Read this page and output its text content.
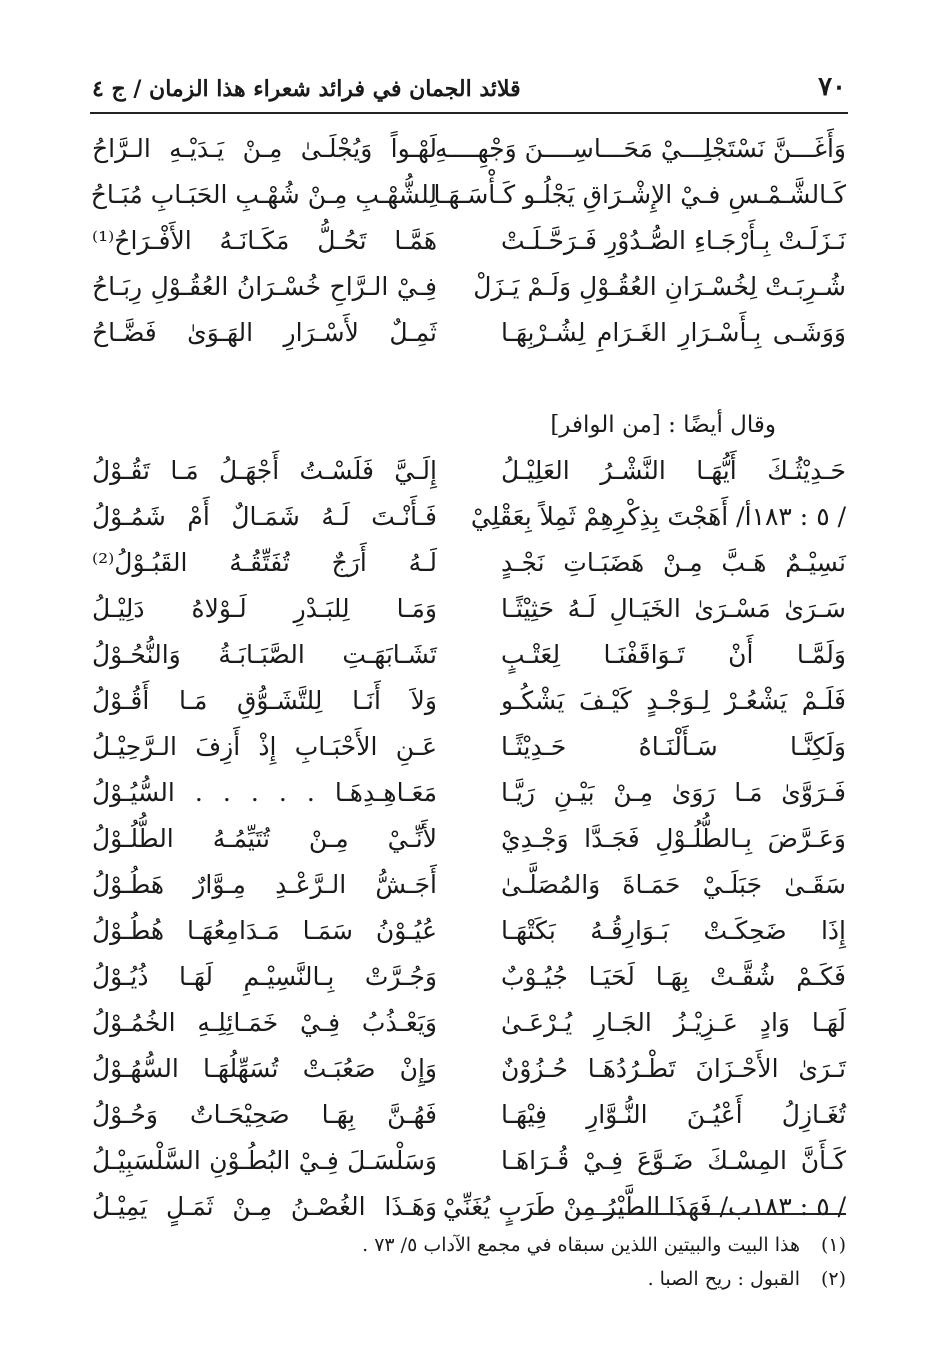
٧٠
قلائد الجمان في فرائد شعراء هذا الزمان / ج ٤
وَأَغَـــنَّ نَسْتَجْلِـــيْ مَحَـــاسِــــنَ وَجْهِــــهِ
كَـالشَّـمْـسِ فـيْ الإِشْـرَاقِ يَجْلُـو كَـأْسَـهَـا
نَـزَلَـتْ بِـأَرْجَـاءِ الصُّـدُوْرِ فَـرَحَّـلَـتْ
شُـرِبَـتْ لِخُسْـرَانِ العُقُـوْلِ وَلَـمْ يَـزَلْ
وَوَشَـى بِـأَسْـرَارِ الغَـرَامِ لِشُـرْبِهَـا
وقال أيضًا : [من الوافر]
حَـدِيْثُـكَ أَيُّهَـا النَّشْـرُ العَلِيْـلُ
/ ٥ : ١٨٣أ/ أَهَجْتَ بِذِكْرِهِمْ ثَمِلاً بِعَقْلِيْ
نَسِيْـمٌ هَـبَّ مِـنْ هَضَبَـاتِ نَجْـدٍ
سَـرَىٰ مَسْـرَىٰ الخَيَـالِ لَـهُ حَثِيْثًـا
وَلَمَّـا أَنْ تَـوَاقَفْنَـا لِعَتْـبٍ
فَلَـمْ يَشْعُـرْ لِـوَجْـدٍ كَيْـفَ يَشْكُـو
وَلَكِنَّـا سَـأَلْنَـاهُ حَـدِيْثًـا
فَـرَوَّىٰ مَـا رَوَىٰ مِـنْ بَيْـنِ رَيَّـا
وَعَـرَّضَ بِـالطُّلُـوْلِ فَجَـدَّا وَجْـدِيْ
سَقَـىٰ جَبَلَـيْ حَمَـاةَ وَالمُصَلَّـىٰ
إِذَا ضَحِكَـتْ بَـوَارِقُـهُ بَكَتْهَـا
فَكَـمْ شُقَّـتْ بِهَـا لَحَيَـا جُيُـوْبٌ
لَهَـا وَادٍ عَـزِيْـزُ الجَـارِ يُـرْعَـىٰ
تَـرَىٰ الأَحْـزَانَ تَطْـرُدُهَـا حُـزُوْنٌ
تُغَـازِلُ أَعْيُـنَ النُّـوَّارِ فِيْهَـا
كَـأَنَّ المِسْـكَ ضَـوَّعَ فِـيْ قُـرَاهَـا
/ ٥ : ١٨٣ب/ فَهَذَا الطَّيْرُ مِنْ طَرَبٍ يُغَنِّيْ
لَهْـواً وَيُجْلَـىٰ مِـنْ يَـدَيْـهِ الـرَّاحُ
لِلشُّهْـبِ مِـنْ شُهْـبِ الحَبَـابِ مُبَـاحُ
هَمَّـا تَحُـلُّ مَكَـانَـهُ الأَفْـرَاحُ⁽¹⁾
فِـيْ الـرَّاحِ خُسْـرَانُ العُقُـوْلِ رِبَـاحُ
ثَمِـلٌ لأَسْـرَارِ الهَـوَىٰ فَضَّـاحُ
إِلَـيَّ فَلَسْـتُ أَجْهَـلُ مَـا تَقُـوْلُ
فَـأَنْـتَ لَـهُ شَمَـالٌ أَمْ شَمُـوْلُ
لَـهُ أَرَجٌ تُفَتِّقُـهُ القَبُـوْلُ⁽²⁾
وَمَـا لِلبَـدْرِ لَـوْلاهُ دَلِيْـلُ
تَشَـابَهَـتِ الصَّبَـابَـةُ وَالنُّحُـوْلُ
وَلاَ أَنَـا لِلتَّشَـوُّقِ مَـا أَقُـوْلُ
عَـنِ الأَحْبَـابِ إِذْ أَزِفَ الـرَّحِيْـلُ
مَعَـاهِـدِهَـا . . . . . السُّيُـوْلُ
لأَنِّـيْ مِـنْ تُتَيِّمُـهُ الطُّلُـوْلُ
أَجَـشُّ الـرَّعْـدِ مِـوَّارٌ هَطُـوْلُ
عُيُـوْنُ سَمَـا مَـدَامِعُهَـا هُطُـوْلُ
وَجُـرَّتْ بِـالنَّسِيْـمِ لَهَـا ذُيُـوْلُ
وَيَعْـذُبُ فِـيْ خَمَـائِلِـهِ الخُمُـوْلُ
وَإِنْ صَعُبَـتْ تُسَهِّلُهَـا السُّهُـوْلُ
فَهُـنَّ بِهَـا صَحِيْحَـاتٌ وَحُـوْلُ
وَسَلْسَـلَ فِـيْ البُطُـوْنِ السَّلْسَبِيْـلُ
وَهَـذَا الغُصْـنُ مِـنْ ثَمَـلٍ يَمِيْـلُ
(١)
هذا البيت والبيتين اللذين سبقاه في مجمع الآداب ٥/ ٧٣ .
(٢)
القبول : ريح الصبا .
